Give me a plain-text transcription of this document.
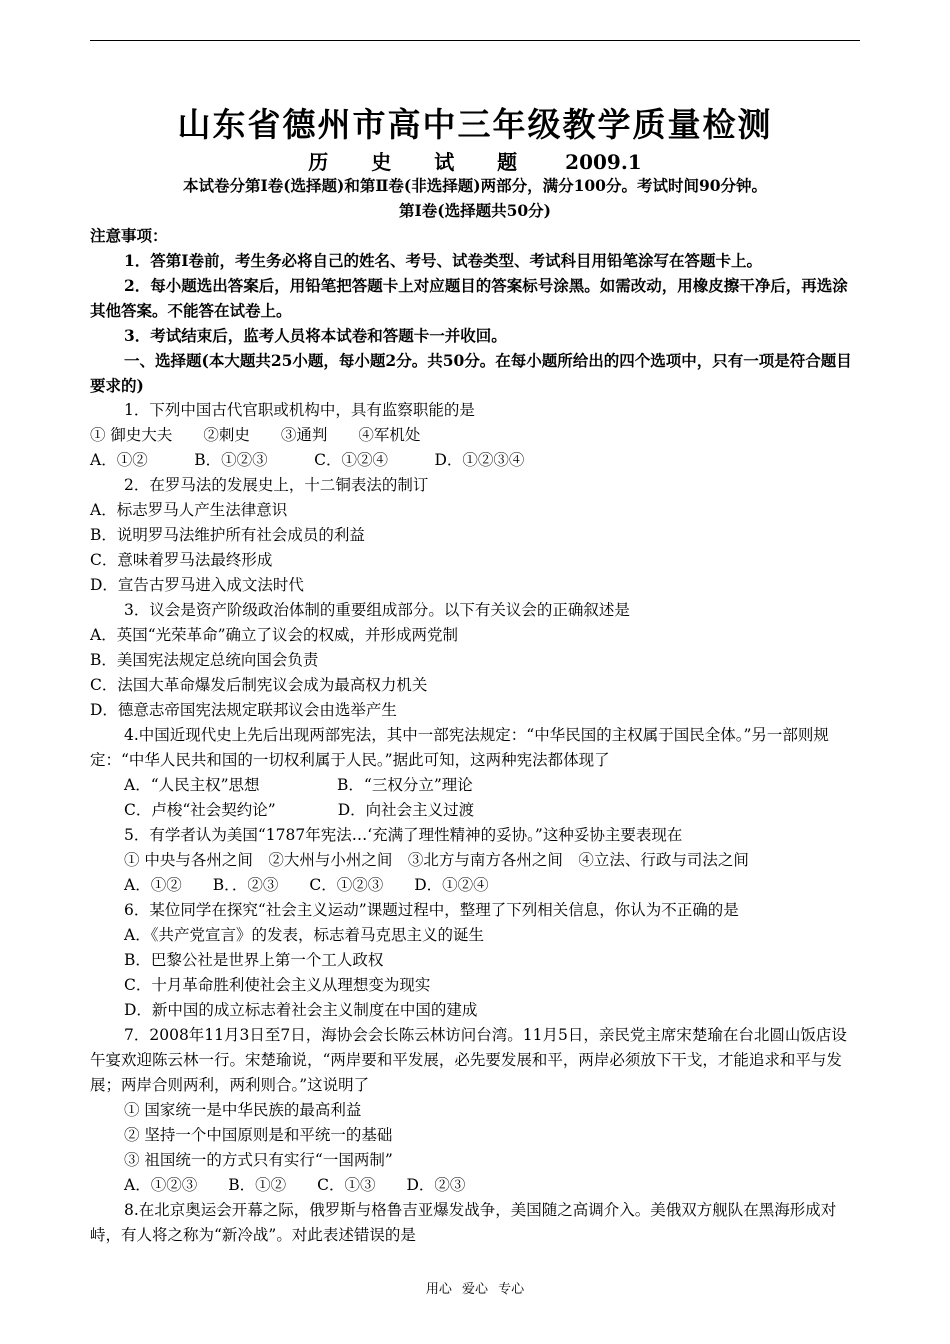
山东省德州市高中三年级教学质量检测
历 史 试 题 2009.1
本试卷分第Ⅰ卷(选择题)和第Ⅱ卷(非选择题)两部分，满分100分。考试时间90分钟。
第Ⅰ卷(选择题共50分)
注意事项：
1．答第Ⅰ卷前，考生务必将自己的姓名、考号、试卷类型、考试科目用铅笔涂写在答题卡上。
2．每小题选出答案后，用铅笔把答题卡上对应题目的答案标号涂黑。如需改动，用橡皮擦干净后，再选涂其他答案。不能答在试卷上。
3．考试结束后，监考人员将本试卷和答题卡一并收回。
一、选择题(本大题共25小题，每小题2分。共50分。在每小题所给出的四个选项中，只有一项是符合题目要求的)
1．下列中国古代官职或机构中，具有监察职能的是
① 御史大夫　　②刺史　　③通判　　④军机处
A．①②　　　B．①②③　　　C．①②④　　　D．①②③④
2．在罗马法的发展史上，十二铜表法的制订
A．标志罗马人产生法律意识
B．说明罗马法维护所有社会成员的利益
C．意味着罗马法最终形成
D．宣告古罗马进入成文法时代
3．议会是资产阶级政治体制的重要组成部分。以下有关议会的正确叙述是
A．英国“光荣革命”确立了议会的权威，并形成两党制
B．美国宪法规定总统向国会负责
C．法国大革命爆发后制宪议会成为最高权力机关
D．德意志帝国宪法规定联邦议会由选举产生
4.中国近现代史上先后出现两部宪法，其中一部宪法规定：“中华民国的主权属于国民全体。”另一部则规定：“中华人民共和国的一切权利属于人民。”据此可知，这两种宪法都体现了
A．“人民主权”思想　　　　　B．“三权分立”理论
C．卢梭“社会契约论”　　　　D．向社会主义过渡
5．有学者认为美国“1787年宪法…‘充满了理性精神的妥协。”这种妥协主要表现在
① 中央与各州之间　②大州与小州之间　③北方与南方各州之间　④立法、行政与司法之间
A．①②　　B．．②③　　C．①②③　　D．①②④
6．某位同学在探究“社会主义运动”课题过程中，整理了下列相关信息，你认为不正确的是
A．《共产党宣言》的发表，标志着马克思主义的诞生
B．巴黎公社是世界上第一个工人政权
C．十月革命胜利使社会主义从理想变为现实
D．新中国的成立标志着社会主义制度在中国的建成
7．2008年11月3日至7日，海协会会长陈云林访问台湾。11月5日，亲民党主席宋楚瑜在台北圆山饭店设午宴欢迎陈云林一行。宋楚瑜说，“两岸要和平发展，必先要发展和平，两岸必须放下干戈，才能追求和平与发展；两岸合则两利，两利则合。”这说明了
① 国家统一是中华民族的最高利益
② 坚持一个中国原则是和平统一的基础
③ 祖国统一的方式只有实行“一国两制”
A．①②③　　B．①②　　C．①③　　D．②③
8.在北京奥运会开幕之际，俄罗斯与格鲁吉亚爆发战争，美国随之高调介入。美俄双方舰队在黑海形成对峙，有人将之称为“新冷战”。对此表述错误的是
用心 爱心 专心
